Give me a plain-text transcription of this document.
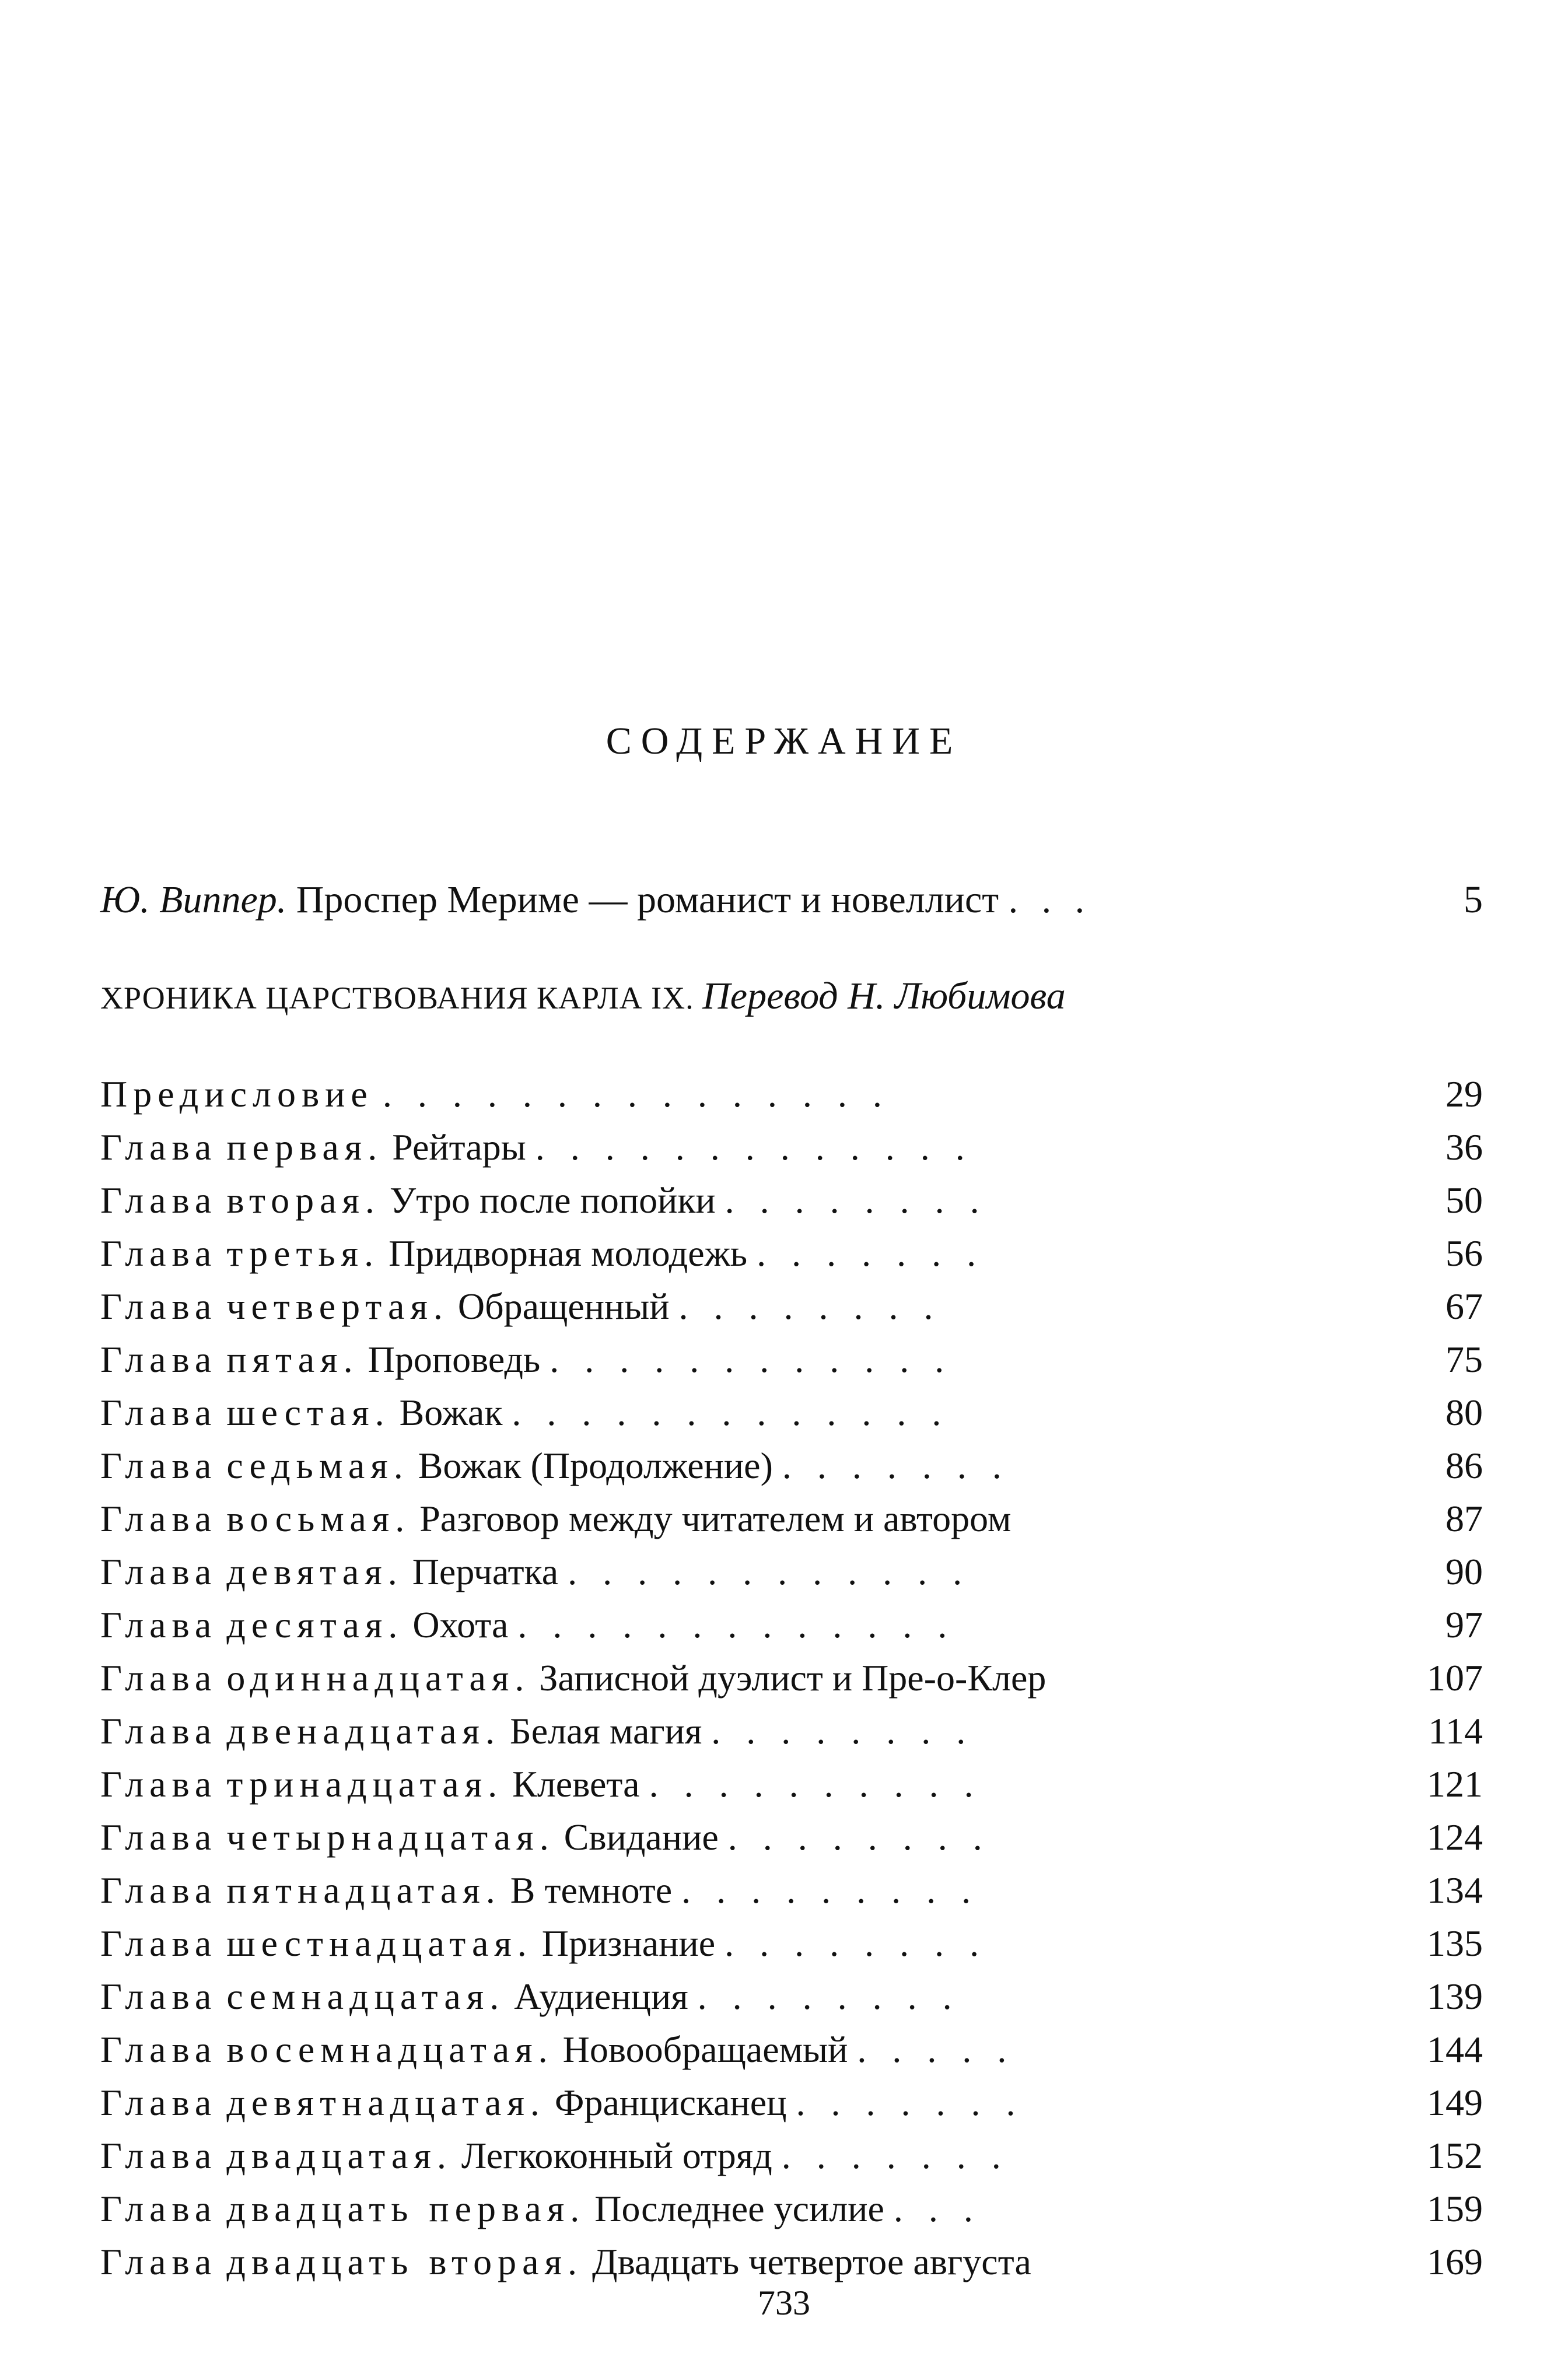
СОДЕРЖАНИЕ
Ю. Виппер. Проспер Мериме — романист и новеллист . . .	5
ХРОНИКА ЦАРСТВОВАНИЯ КАРЛА IX. Перевод Н. Любимова
Предисловие . . . . . . . . . . . . . . .	29
Глава первая. Рейтары . . . . . . . . . . . . .	36
Глава вторая. Утро после попойки . . . . . . . .	50
Глава третья. Придворная молодежь . . . . . . .	56
Глава четвертая. Обращенный . . . . . . . .	67
Глава пятая. Проповедь . . . . . . . . . . . .	75
Глава шестая. Вожак . . . . . . . . . . . . .	80
Глава седьмая. Вожак (Продолжение) . . . . . . .	86
Глава восьмая. Разговор между читателем и автором	87
Глава девятая. Перчатка . . . . . . . . . . . .	90
Глава десятая. Охота . . . . . . . . . . . . .	97
Глава одиннадцатая. Записной дуэлист и Пре-о-Клер	107
Глава двенадцатая. Белая магия . . . . . . . .	114
Глава тринадцатая. Клевета . . . . . . . . . .	121
Глава четырнадцатая. Свидание . . . . . . . .	124
Глава пятнадцатая. В темноте . . . . . . . . .	134
Глава шестнадцатая. Признание . . . . . . . .	135
Глава семнадцатая. Аудиенция . . . . . . . .	139
Глава восемнадцатая. Новообращаемый . . . . .	144
Глава девятнадцатая. Францисканец . . . . . . .	149
Глава двадцатая. Легкоконный отряд . . . . . . .	152
Глава двадцать первая. Последнее усилие . . .	159
Глава двадцать вторая. Двадцать четвертое августа	169
733
